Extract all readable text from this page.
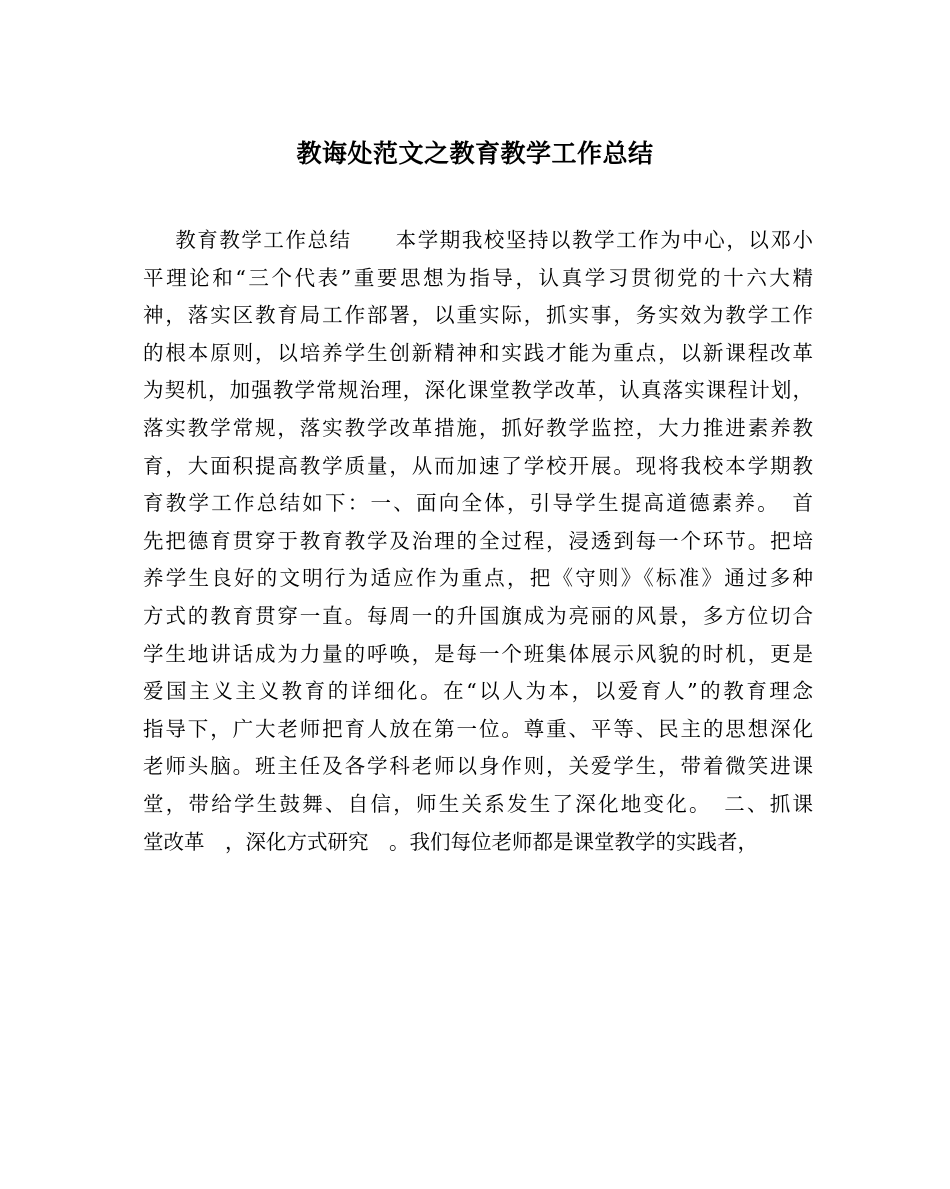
教诲处范文之教育教学工作总结
教育教学工作总结　　本学期我校坚持以教学工作为中心，以邓小
平理论和“三个代表”重要思想为指导，认真学习贯彻党的十六大精
神，落实区教育局工作部署，以重实际，抓实事，务实效为教学工作
的根本原则，以培养学生创新精神和实践才能为重点，以新课程改革
为契机，加强教学常规治理，深化课堂教学改革，认真落实课程计划，
落实教学常规，落实教学改革措施，抓好教学监控，大力推进素养教
育，大面积提高教学质量，从而加速了学校开展。现将我校本学期教
育教学工作总结如下：一、面向全体，引导学生提高道德素养。　首
先把德育贯穿于教育教学及治理的全过程，浸透到每一个环节。把培
养学生良好的文明行为适应作为重点，把《守则》《标准》通过多种
方式的教育贯穿一直。每周一的升国旗成为亮丽的风景，多方位切合
学生地讲话成为力量的呼唤，是每一个班集体展示风貌的时机，更是
爱国主义主义教育的详细化。在“以人为本，以爱育人”的教育理念
指导下，广大老师把育人放在第一位。尊重、平等、民主的思想深化
老师头脑。班主任及各学科老师以身作则，关爱学生，带着微笑进课
堂，带给学生鼓舞、自信，师生关系发生了深化地变化。　二、抓课
堂改革　，深化方式研究　。我们每位老师都是课堂教学的实践者，
